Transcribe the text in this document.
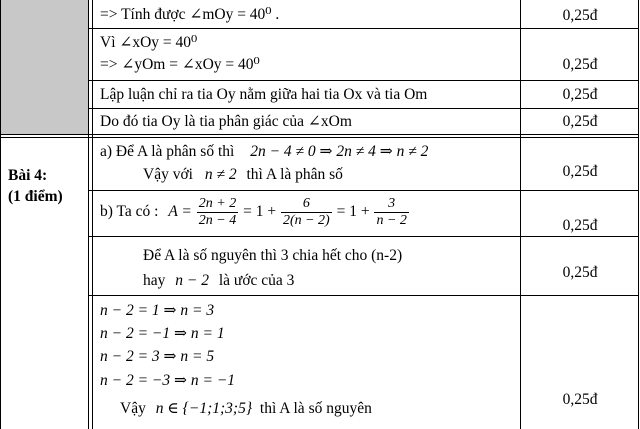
=> Tính được ∠mOy = 40⁰ .	0,25đ
Vì ∠xOy = 40⁰
=> ∠yOm = ∠xOy = 40⁰	0,25đ
Lập luận chỉ ra tia Oy nằm giữa hai tia Ox và tia Om	0,25đ
Do đó tia Oy là tia phân giác của ∠xOm	0,25đ
Bài 4:
(1 điểm)
a) Để A là phân số thì 2n − 4 ≠ 0 ⇒ 2n ≠ 4 ⇒ n ≠ 2
Vậy với n ≠ 2 thì A là phân số	0,25đ
b) Ta có : $A = \frac{2n + 2}{2n - 4} = 1 + \frac{6}{2(n - 2)} = 1 + \frac{3}{n - 2}$	0,25đ
Để A là số nguyên thì 3 chia hết cho (n-2)
hay n − 2 là ước của 3	0,25đ
n − 2 = 1 ⇒ n = 3
n − 2 = −1 ⇒ n = 1
n − 2 = 3 ⇒ n = 5
n − 2 = −3 ⇒ n = −1
Vậy n ∈ {−1;1;3;5} thì A là số nguyên
0,25đ
